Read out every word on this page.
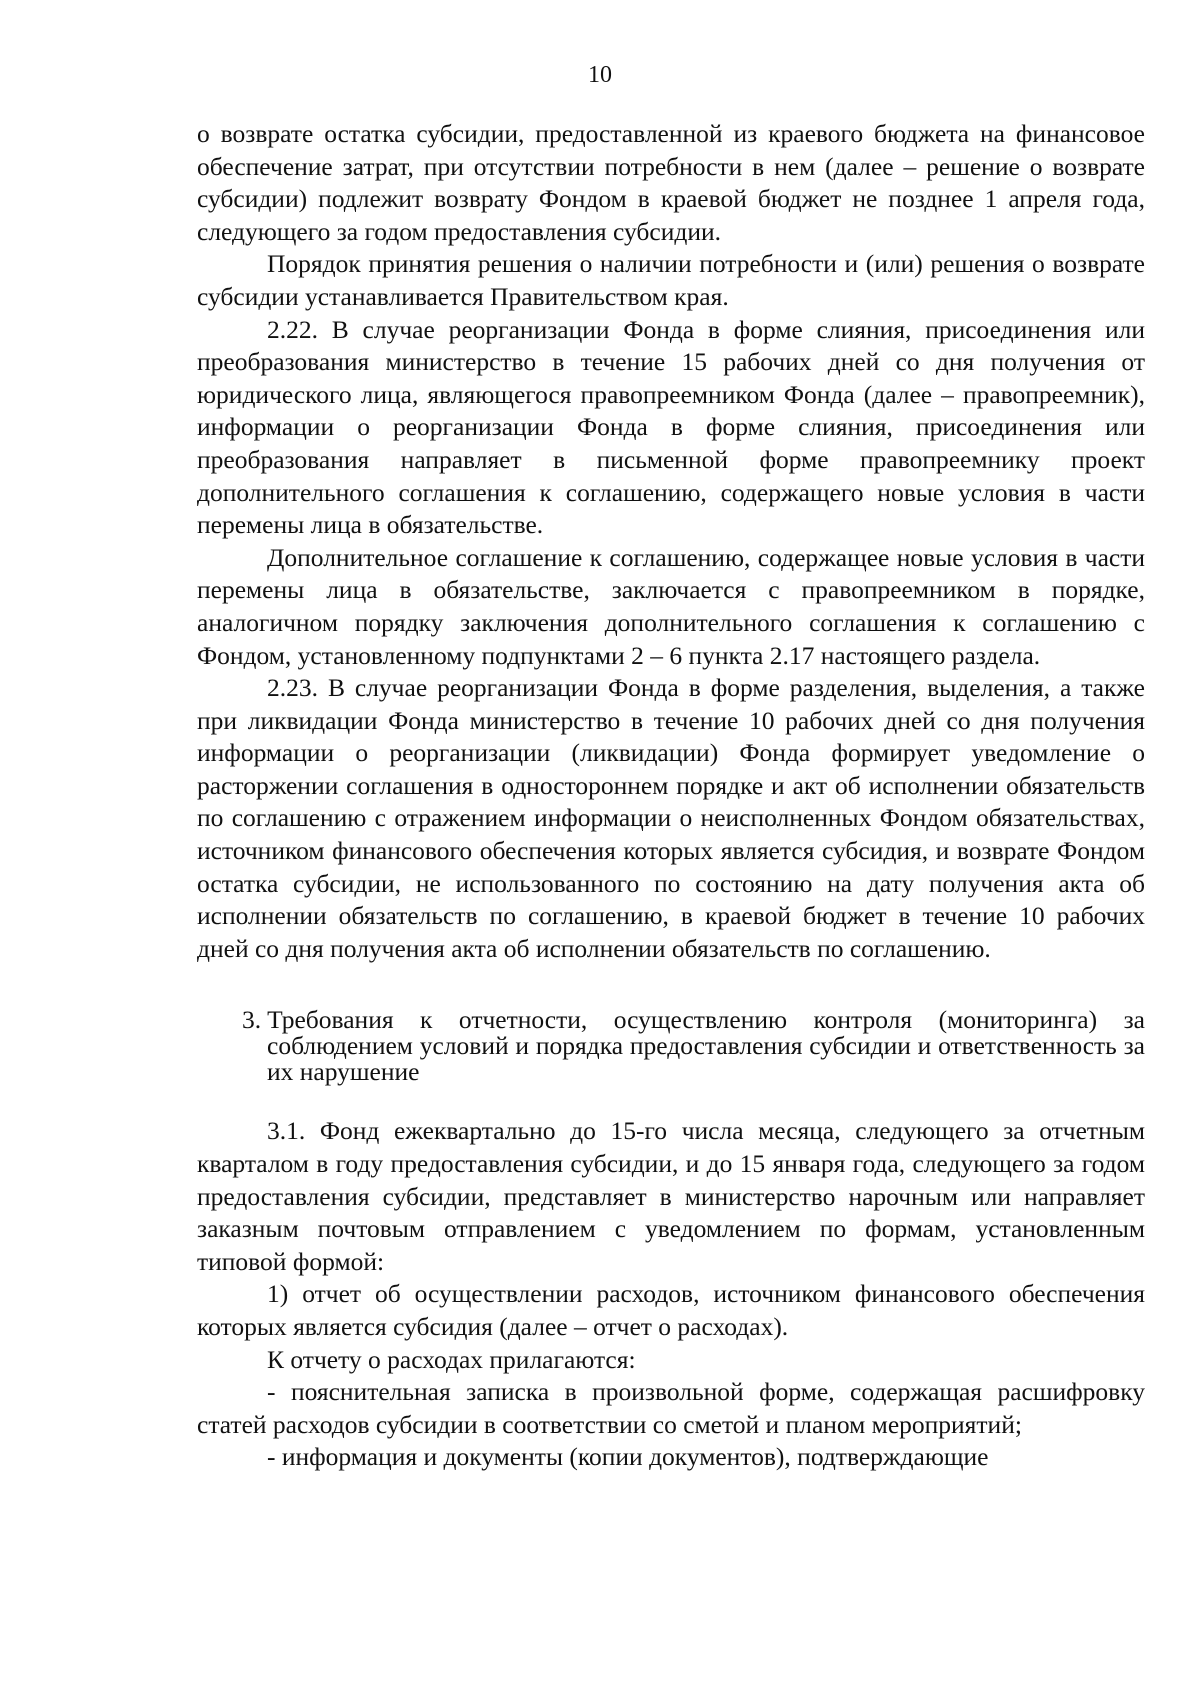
10

о возврате остатка субсидии, предоставленной из краевого бюджета на финансовое обеспечение затрат, при отсутствии потребности в нем (далее – решение о возврате субсидии) подлежит возврату Фондом в краевой бюджет не позднее 1 апреля года, следующего за годом предоставления субсидии.

Порядок принятия решения о наличии потребности и (или) решения о возврате субсидии устанавливается Правительством края.

2.22. В случае реорганизации Фонда в форме слияния, присоединения или преобразования министерство в течение 15 рабочих дней со дня получения от юридического лица, являющегося правопреемником Фонда (далее – правопреемник), информации о реорганизации Фонда в форме слияния, присоединения или преобразования направляет в письменной форме правопреемнику проект дополнительного соглашения к соглашению, содержащего новые условия в части перемены лица в обязательстве.

Дополнительное соглашение к соглашению, содержащее новые условия в части перемены лица в обязательстве, заключается с правопреемником в порядке, аналогичном порядку заключения дополнительного соглашения к соглашению с Фондом, установленному подпунктами 2 – 6 пункта 2.17 настоящего раздела.

2.23. В случае реорганизации Фонда в форме разделения, выделения, а также при ликвидации Фонда министерство в течение 10 рабочих дней со дня получения информации о реорганизации (ликвидации) Фонда формирует уведомление о расторжении соглашения в одностороннем порядке и акт об исполнении обязательств по соглашению с отражением информации о неисполненных Фондом обязательствах, источником финансового обеспечения которых является субсидия, и возврате Фондом остатка субсидии, не использованного по состоянию на дату получения акта об исполнении обязательств по соглашению, в краевой бюджет в течение 10 рабочих дней со дня получения акта об исполнении обязательств по соглашению.

3. Требования к отчетности, осуществлению контроля (мониторинга) за соблюдением условий и порядка предоставления субсидии и ответственность за их нарушение

3.1. Фонд ежеквартально до 15-го числа месяца, следующего за отчетным кварталом в году предоставления субсидии, и до 15 января года, следующего за годом предоставления субсидии, представляет в министерство нарочным или направляет заказным почтовым отправлением с уведомлением по формам, установленным типовой формой:

1) отчет об осуществлении расходов, источником финансового обеспечения которых является субсидия (далее – отчет о расходах).

К отчету о расходах прилагаются:

- пояснительная записка в произвольной форме, содержащая расшифровку статей расходов субсидии в соответствии со сметой и планом мероприятий;

- информация и документы (копии документов), подтверждающие
